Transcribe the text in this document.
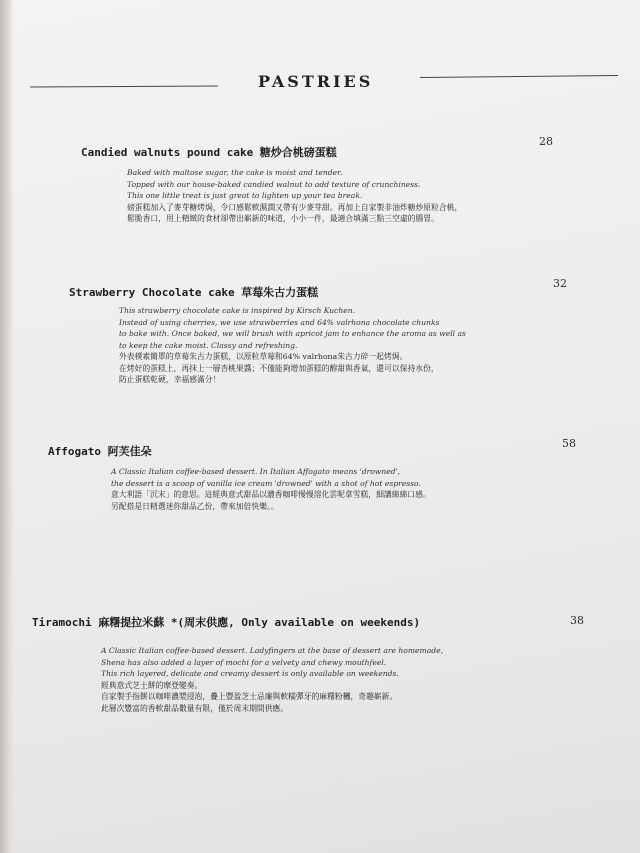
PASTRIES
Candied walnuts pound cake 糖炒合桃磅蛋糕
28
Baked with maltose sugar, the cake is moist and tender.
Topped with our house-baked candied walnut to add texture of crunchiness.
This one little treat is just great to lighten up your tea break.
磅蛋糕加入了麥芽糖烤焗，令口感鬆軟濕潤又帶有少麥芽甜。再加上自家製非油炸糖炒原粒合桃，
鬆脆香口，用上精緻的食材卻帶出嶄新的味道，小小一件，最適合填滿三點三空虛的腸胃。
Strawberry Chocolate cake 草莓朱古力蛋糕
32
This strawberry chocolate cake is inspired by Kirsch Kuchen.
Instead of using cherries, we use strawberries and 64% valrhona chocolate chunks
to bake with. Once baked, we will brush with apricot jam to enhance the aroma as well as
to keep the cake moist. Classy and refreshing.
外表樸素簡單的草莓朱古力蛋糕，以原粒草莓和64% valrhona朱古力碎一起烤焗。
在烤好的蛋糕上，再抹上一層杏桃果醬；不僅能夠增加蛋糕的醇甜與香氣，還可以保持水份，
防止蛋糕乾硬，幸福感滿分！
Affogato 阿芙佳朵
58
A Classic Italian coffee-based dessert. In Italian Affogato means 'drowned',
the dessert is a scoop of vanilla ice cream 'drowned' with a shot of hot espresso.
意大利語「沉末」的意思。這經典意式甜品以濃香咖啡慢慢溶化雲呢拿雪糕，細講綿綿口感。
另配搭是日精選迷你甜品乙份，帶來加倍快樂。。
Tiramochi 麻糬提拉米蘇 *(周末供應, Only available on weekends)	38
A Classic Italian coffee-based dessert. Ladyfingers at the base of dessert are homemade,
Shena has also added a layer of mochi for a velvety and chewy mouthfeel.
This rich layered, delicate and creamy dessert is only available on weekends.
經典意式芝士餅的摩登變奏。
自家製手指餅以咖啡濃漿浸泡，疊上豐盈芝士忌廉與軟糯彈牙的麻糬粉糰，奇趣嶄新。
此層次豐富的香軟甜品數量有限，僅於周末期間供應。
